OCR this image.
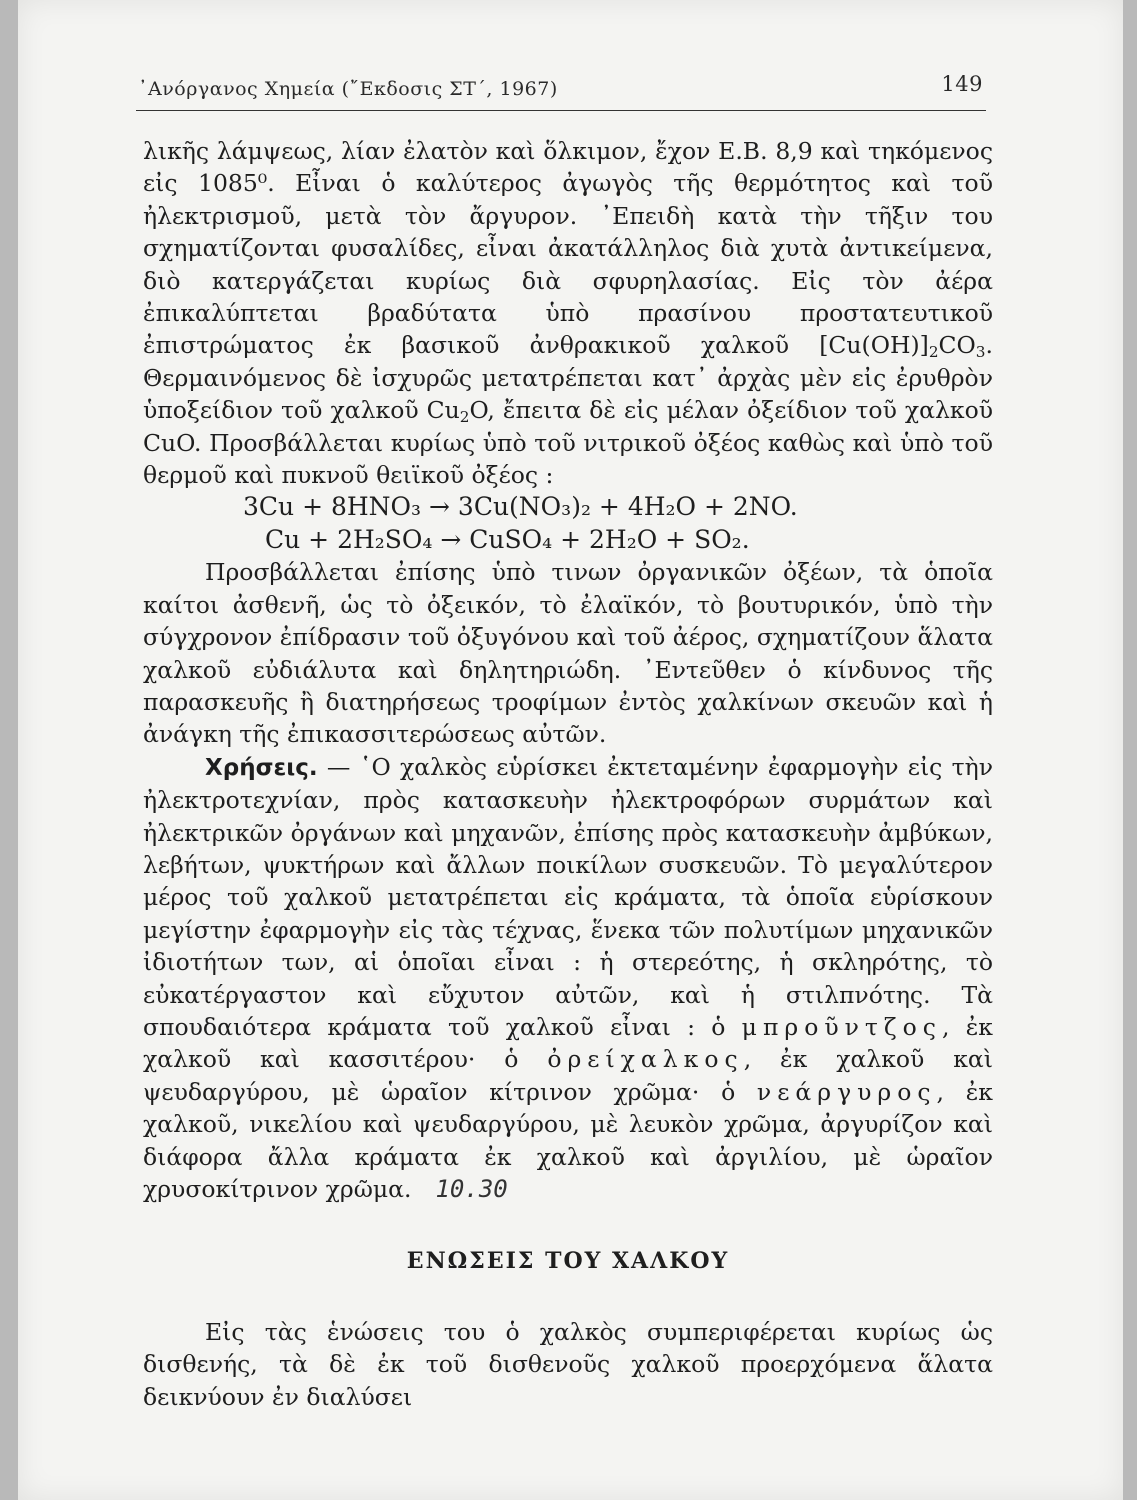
᾽Ανόργανος Χημεία (῎Εκδοσις ΣΤ΄, 1967)	149

λικῆς λάμψεως, λίαν ἐλατὸν καὶ ὅλκιμον, ἔχον Ε.Β. 8,9 καὶ τηκόμενος εἰς 1085⁰. Εἶναι ὁ καλύτερος ἀγωγὸς τῆς θερμότητος καὶ τοῦ ἠλεκτρισμοῦ, μετὰ τὸν ἄργυρον. ᾽Επειδὴ κατὰ τὴν τῆξιν του σχηματίζονται φυσαλίδες, εἶναι ἀκατάλληλος διὰ χυτὰ ἀντικείμενα, διὸ κατεργάζεται κυρίως διὰ σφυρηλασίας. Εἰς τὸν ἀέρα ἐπικαλύπτεται βραδύτατα ὑπὸ πρασίνου προστατευτικοῦ ἐπιστρώματος ἐκ βασικοῦ ἀνθρακικοῦ χαλκοῦ $[Cu(OH)]_2CO_3$. Θερμαινόμενος δὲ ἰσχυρῶς μετατρέπεται κατ᾽ ἀρχὰς μὲν εἰς ἐρυθρὸν ὑποξείδιον τοῦ χαλκοῦ $Cu_2O$, ἔπειτα δὲ εἰς μέλαν ὀξείδιον τοῦ χαλκοῦ CuO. Προσβάλλεται κυρίως ὑπὸ τοῦ νιτρικοῦ ὀξέος καθὼς καὶ ὑπὸ τοῦ θερμοῦ καὶ πυκνοῦ θειϊκοῦ ὀξέος :

3Cu + 8HNO₃ → 3Cu(NO₃)₂ + 4H₂O + 2NO.

Cu + 2H₂SO₄ → CuSO₄ + 2H₂O + SO₂.

Προσβάλλεται ἐπίσης ὑπὸ τινων ὀργανικῶν ὀξέων, τὰ ὁποῖα καίτοι ἀσθενῆ, ὡς τὸ ὀξεικόν, τὸ ἐλαϊκόν, τὸ βουτυρικόν, ὑπὸ τὴν σύγχρονον ἐπίδρασιν τοῦ ὀξυγόνου καὶ τοῦ ἀέρος, σχηματίζουν ἅλατα χαλκοῦ εὐδιάλυτα καὶ δηλητηριώδη. ᾽Εντεῦθεν ὁ κίνδυνος τῆς παρασκευῆς ἢ διατηρήσεως τροφίμων ἐντὸς χαλκίνων σκευῶν καὶ ἡ ἀνάγκη τῆς ἐπικασσιτερώσεως αὐτῶν.

Χρήσεις. — ῾Ο χαλκὸς εὑρίσκει ἐκτεταμένην ἐφαρμογὴν εἰς τὴν ἠλεκτροτεχνίαν, πρὸς κατασκευὴν ἠλεκτροφόρων συρμάτων καὶ ἠλεκτρικῶν ὀργάνων καὶ μηχανῶν, ἐπίσης πρὸς κατασκευὴν ἀμβύκων, λεβήτων, ψυκτήρων καὶ ἄλλων ποικίλων συσκευῶν. Τὸ μεγαλύτερον μέρος τοῦ χαλκοῦ μετατρέπεται εἰς κράματα, τὰ ὁποῖα εὑρίσκουν μεγίστην ἐφαρμογὴν εἰς τὰς τέχνας, ἕνεκα τῶν πολυτίμων μηχανικῶν ἰδιοτήτων των, αἱ ὁποῖαι εἶναι : ἡ στερεότης, ἡ σκληρότης, τὸ εὐκατέργαστον καὶ εὔχυτον αὐτῶν, καὶ ἡ στιλπνότης. Τὰ σπουδαιότερα κράματα τοῦ χαλκοῦ εἶναι : ὁ μπροῦντζος, ἐκ χαλκοῦ καὶ κασσιτέρου· ὁ ὀρείχαλκος, ἐκ χαλκοῦ καὶ ψευδαργύρου, μὲ ὡραῖον κίτρινον χρῶμα· ὁ νεάργυρος, ἐκ χαλκοῦ, νικελίου καὶ ψευδαργύρου, μὲ λευκὸν χρῶμα, ἀργυρίζον καὶ διάφορα ἄλλα κράματα ἐκ χαλκοῦ καὶ ἀργιλίου, μὲ ὡραῖον χρυσοκίτρινον χρῶμα. 10.30

ΕΝΩΣΕΙΣ ΤΟΥ ΧΑΛΚΟΥ

Εἰς τὰς ἑνώσεις του ὁ χαλκὸς συμπεριφέρεται κυρίως ὡς δισθενής, τὰ δὲ ἐκ τοῦ δισθενοῦς χαλκοῦ προερχόμενα ἅλατα δεικνύουν ἐν διαλύσει
